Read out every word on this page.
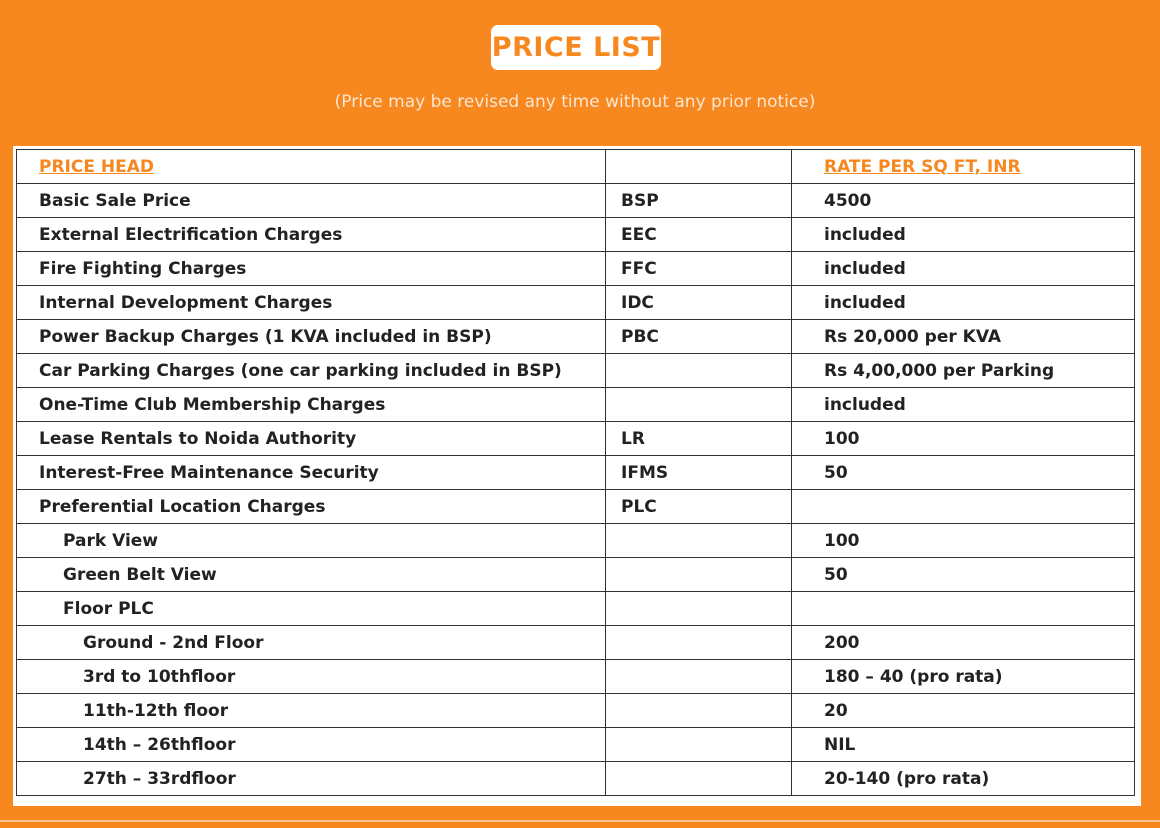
PRICE LIST
(Price may be revised any time without any prior notice)
PRICE HEAD		RATE PER SQ FT, INR
Basic Sale Price	BSP	4500
External Electrification Charges	EEC	included
Fire Fighting Charges	FFC	included
Internal Development Charges	IDC	included
Power Backup Charges (1 KVA included in BSP)	PBC	Rs 20,000 per KVA
Car Parking Charges (one car parking included in BSP)		Rs 4,00,000 per Parking
One-Time Club Membership Charges		included
Lease Rentals to Noida Authority	LR	100
Interest-Free Maintenance Security	IFMS	50
Preferential Location Charges	PLC	
Park View		100
Green Belt View		50
Floor PLC		
Ground - 2nd Floor		200
3rd to 10thfloor		180 – 40 (pro rata)
11th-12th floor		20
14th – 26thfloor		NIL
27th – 33rdfloor		20-140 (pro rata)
